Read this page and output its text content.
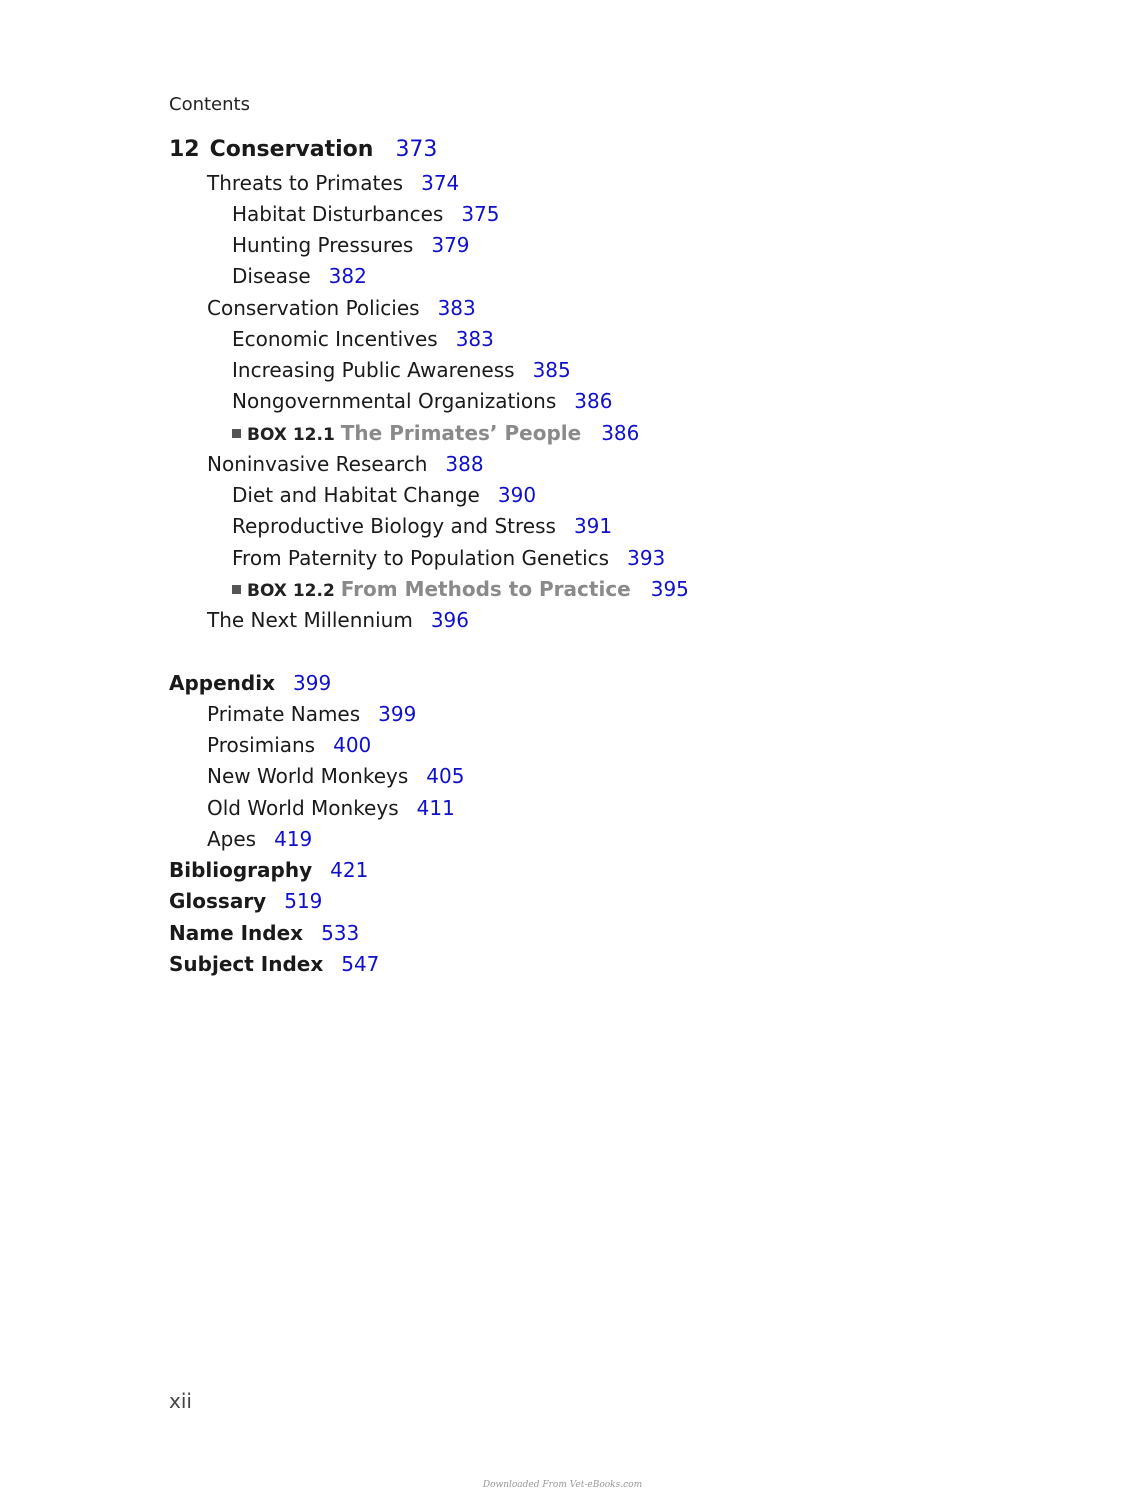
Contents
12 Conservation 373
Threats to Primates 374
Habitat Disturbances 375
Hunting Pressures 379
Disease 382
Conservation Policies 383
Economic Incentives 383
Increasing Public Awareness 385
Nongovernmental Organizations 386
BOX 12.1 The Primates’ People 386
Noninvasive Research 388
Diet and Habitat Change 390
Reproductive Biology and Stress 391
From Paternity to Population Genetics 393
BOX 12.2 From Methods to Practice 395
The Next Millennium 396
Appendix 399
Primate Names 399
Prosimians 400
New World Monkeys 405
Old World Monkeys 411
Apes 419
Bibliography 421
Glossary 519
Name Index 533
Subject Index 547
xii
Downloaded From Vet-eBooks.com
